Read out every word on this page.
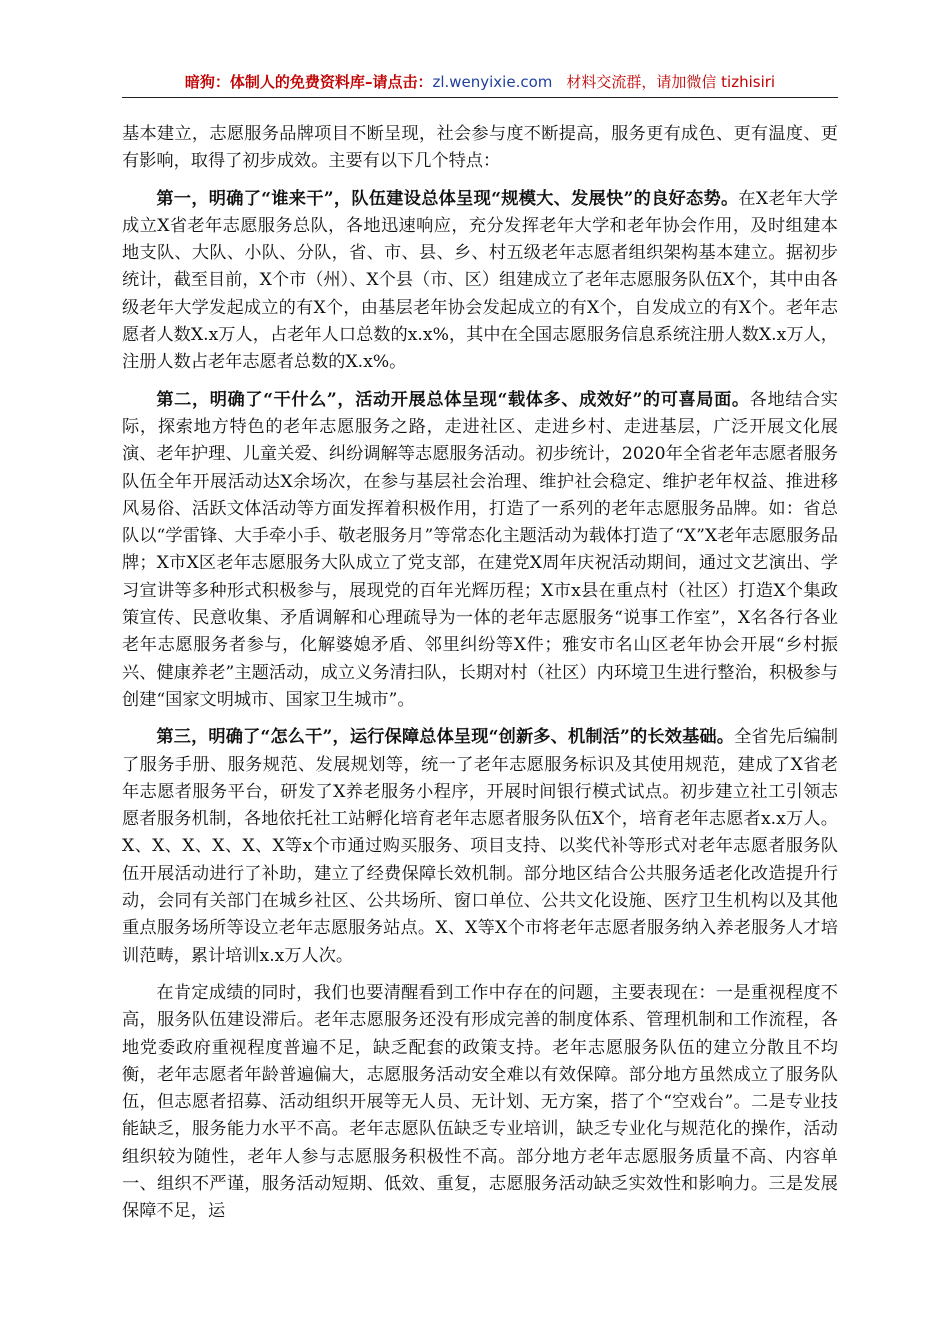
暗狗：体制人的免费资料库–请点击：zl.wenyixie.com 材料交流群，请加微信 tizhisiri

基本建立，志愿服务品牌项目不断呈现，社会参与度不断提高，服务更有成色、更有温度、更有影响，取得了初步成效。主要有以下几个特点：

第一，明确了“谁来干”，队伍建设总体呈现“规模大、发展快”的良好态势。在X老年大学成立X省老年志愿服务总队，各地迅速响应，充分发挥老年大学和老年协会作用，及时组建本地支队、大队、小队、分队，省、市、县、乡、村五级老年志愿者组织架构基本建立。据初步统计，截至目前，X个市（州）、X个县（市、区）组建成立了老年志愿服务队伍X个，其中由各级老年大学发起成立的有X个，由基层老年协会发起成立的有X个，自发成立的有X个。老年志愿者人数X.x万人，占老年人口总数的x.x%，其中在全国志愿服务信息系统注册人数X.x万人，注册人数占老年志愿者总数的X.x%。

第二，明确了“干什么”，活动开展总体呈现“载体多、成效好”的可喜局面。各地结合实际，探索地方特色的老年志愿服务之路，走进社区、走进乡村、走进基层，广泛开展文化展演、老年护理、儿童关爱、纠纷调解等志愿服务活动。初步统计，2020年全省老年志愿者服务队伍全年开展活动达X余场次，在参与基层社会治理、维护社会稳定、维护老年权益、推进移风易俗、活跃文体活动等方面发挥着积极作用，打造了一系列的老年志愿服务品牌。如：省总队以“学雷锋、大手牵小手、敬老服务月”等常态化主题活动为载体打造了“X”X老年志愿服务品牌；X市X区老年志愿服务大队成立了党支部，在建党X周年庆祝活动期间，通过文艺演出、学习宣讲等多种形式积极参与，展现党的百年光辉历程；X市x县在重点村（社区）打造X个集政策宣传、民意收集、矛盾调解和心理疏导为一体的老年志愿服务“说事工作室”，X名各行各业老年志愿服务者参与，化解婆媳矛盾、邻里纠纷等X件；雅安市名山区老年协会开展“乡村振兴、健康养老”主题活动，成立义务清扫队，长期对村（社区）内环境卫生进行整治，积极参与创建“国家文明城市、国家卫生城市”。

第三，明确了“怎么干”，运行保障总体呈现“创新多、机制活”的长效基础。全省先后编制了服务手册、服务规范、发展规划等，统一了老年志愿服务标识及其使用规范，建成了X省老年志愿者服务平台，研发了X养老服务小程序，开展时间银行模式试点。初步建立社工引领志愿者服务机制，各地依托社工站孵化培育老年志愿者服务队伍X个，培育老年志愿者x.x万人。X、X、X、X、X、X等x个市通过购买服务、项目支持、以奖代补等形式对老年志愿者服务队伍开展活动进行了补助，建立了经费保障长效机制。部分地区结合公共服务适老化改造提升行动，会同有关部门在城乡社区、公共场所、窗口单位、公共文化设施、医疗卫生机构以及其他重点服务场所等设立老年志愿服务站点。X、X等X个市将老年志愿者服务纳入养老服务人才培训范畴，累计培训x.x万人次。

在肯定成绩的同时，我们也要清醒看到工作中存在的问题，主要表现在：一是重视程度不高，服务队伍建设滞后。老年志愿服务还没有形成完善的制度体系、管理机制和工作流程，各地党委政府重视程度普遍不足，缺乏配套的政策支持。老年志愿服务队伍的建立分散且不均衡，老年志愿者年龄普遍偏大，志愿服务活动安全难以有效保障。部分地方虽然成立了服务队伍，但志愿者招募、活动组织开展等无人员、无计划、无方案，搭了个“空戏台”。二是专业技能缺乏，服务能力水平不高。老年志愿队伍缺乏专业培训，缺乏专业化与规范化的操作，活动组织较为随性，老年人参与志愿服务积极性不高。部分地方老年志愿服务质量不高、内容单一、组织不严谨，服务活动短期、低效、重复，志愿服务活动缺乏实效性和影响力。三是发展保障不足，运
